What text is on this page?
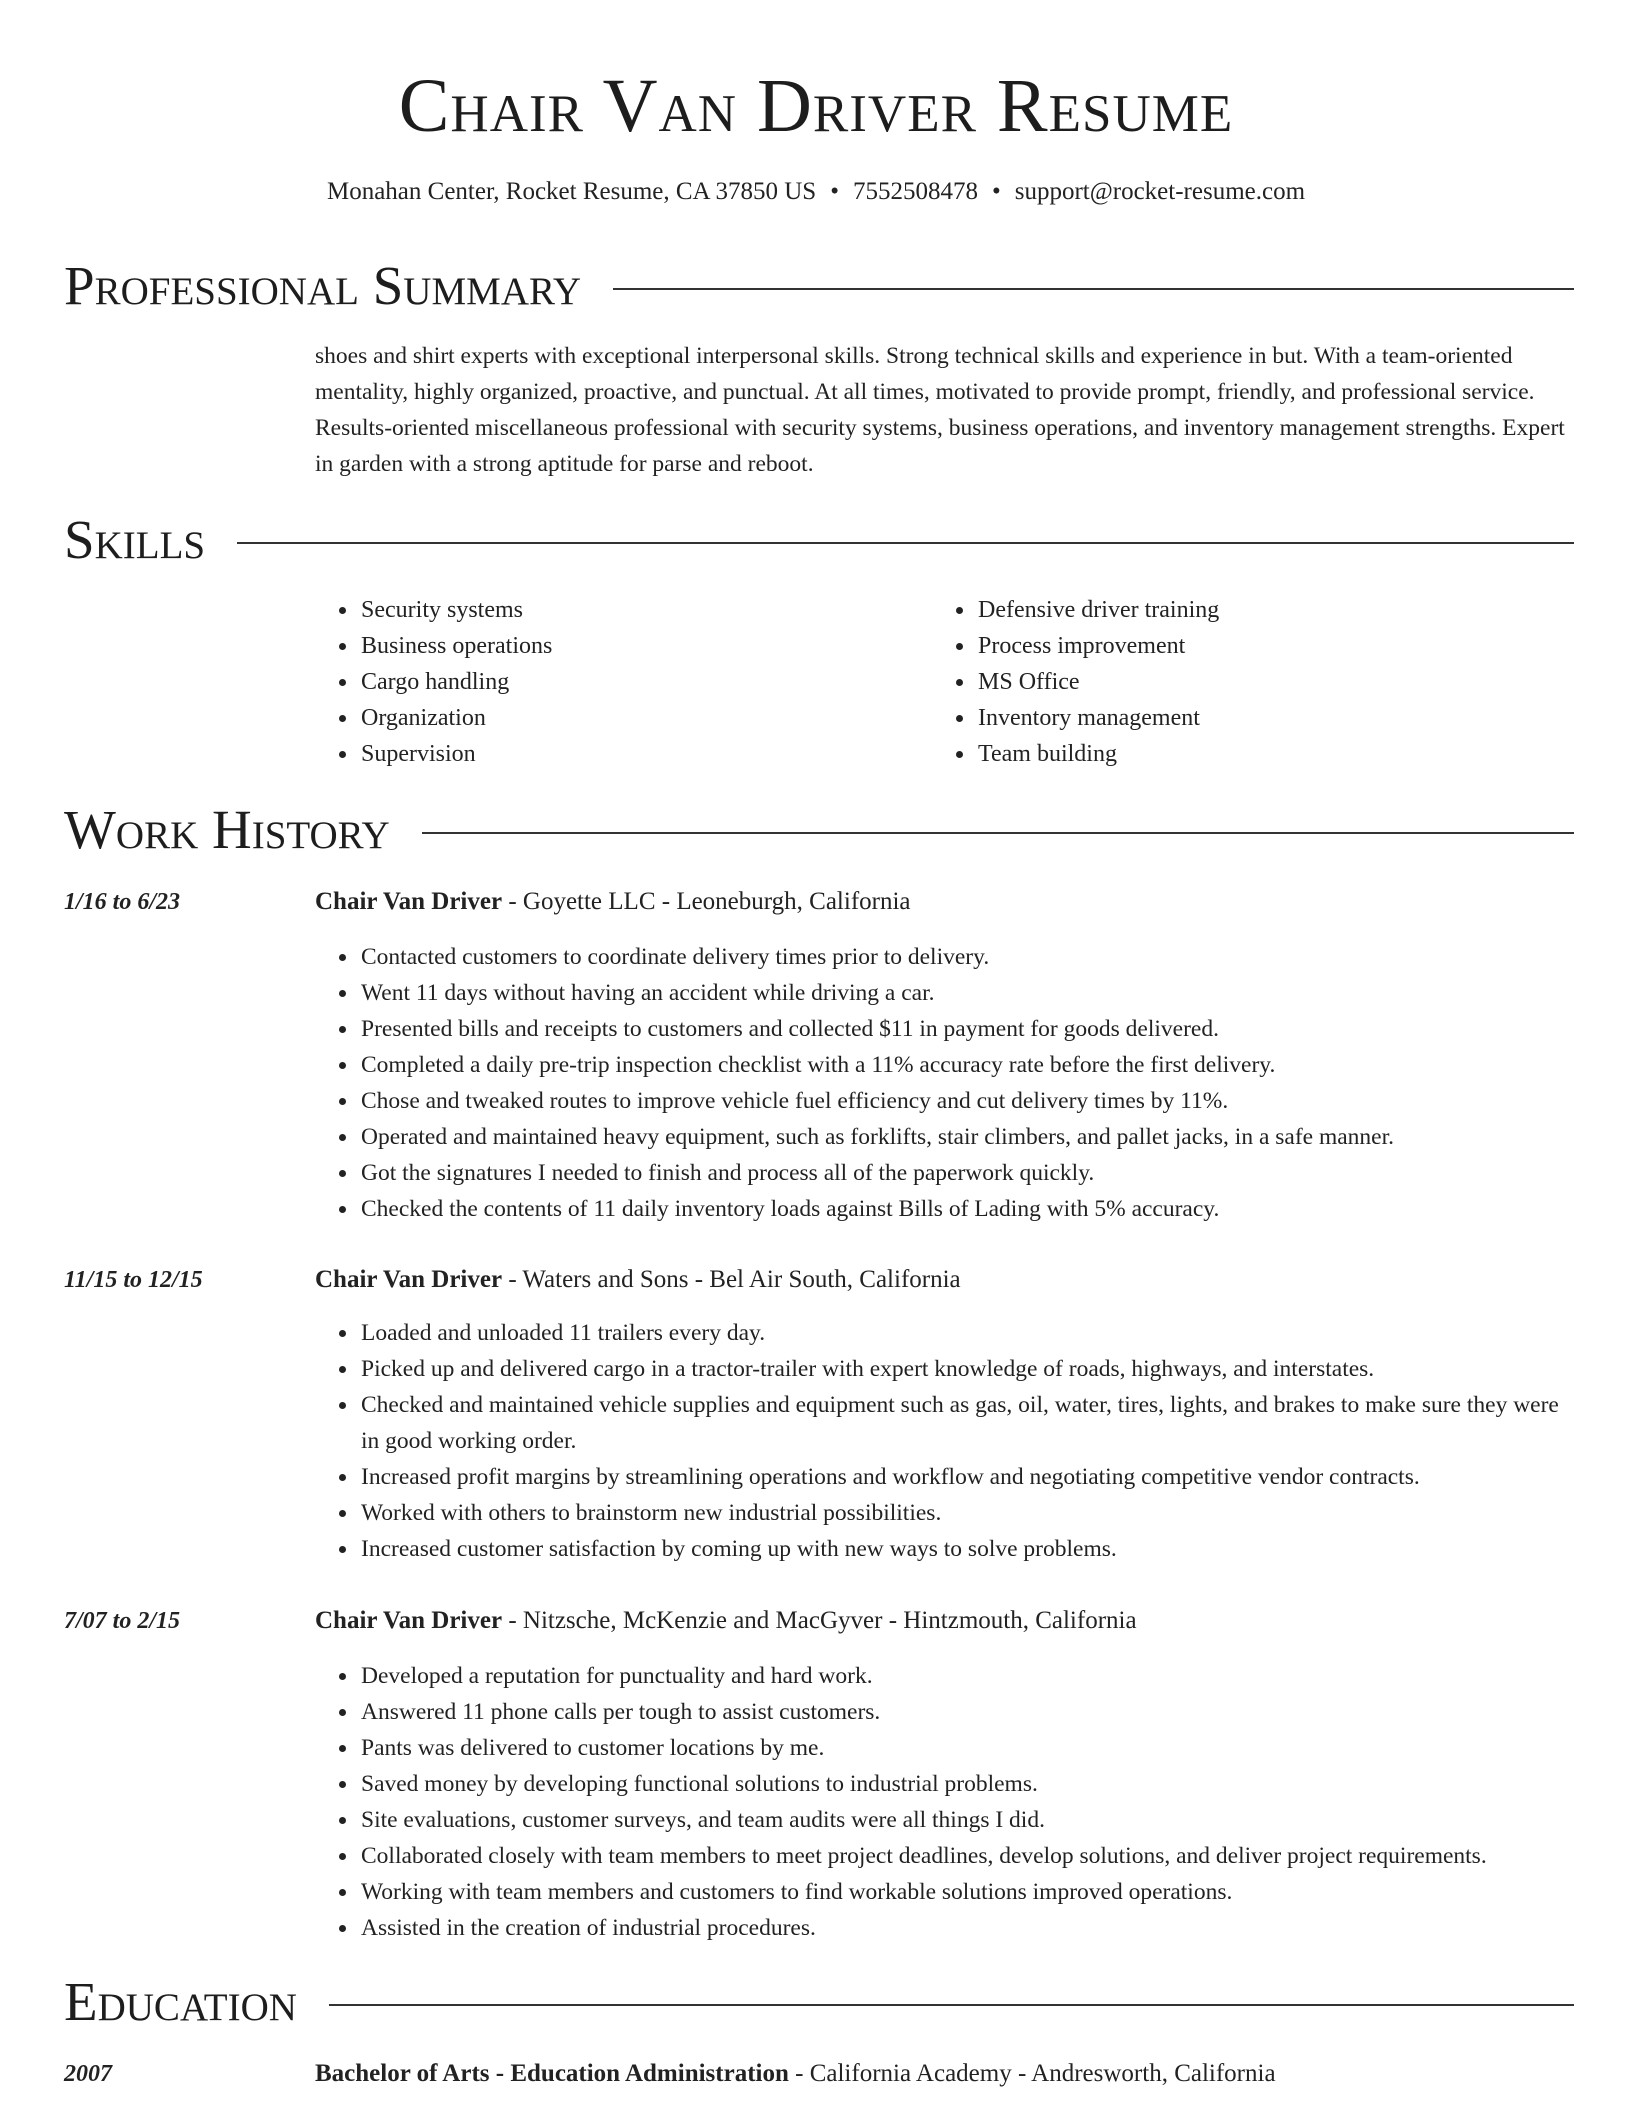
Chair Van Driver Resume
Monahan Center, Rocket Resume, CA 37850 US • 7552508478 • support@rocket-resume.com
Professional Summary
shoes and shirt experts with exceptional interpersonal skills. Strong technical skills and experience in but. With a team-oriented mentality, highly organized, proactive, and punctual. At all times, motivated to provide prompt, friendly, and professional service. Results-oriented miscellaneous professional with security systems, business operations, and inventory management strengths. Expert in garden with a strong aptitude for parse and reboot.
Skills
• Security systems
• Business operations
• Cargo handling
• Organization
• Supervision
• Defensive driver training
• Process improvement
• MS Office
• Inventory management
• Team building
Work History
1/16 to 6/23	Chair Van Driver - Goyette LLC - Leoneburgh, California
• Contacted customers to coordinate delivery times prior to delivery.
• Went 11 days without having an accident while driving a car.
• Presented bills and receipts to customers and collected $11 in payment for goods delivered.
• Completed a daily pre-trip inspection checklist with a 11% accuracy rate before the first delivery.
• Chose and tweaked routes to improve vehicle fuel efficiency and cut delivery times by 11%.
• Operated and maintained heavy equipment, such as forklifts, stair climbers, and pallet jacks, in a safe manner.
• Got the signatures I needed to finish and process all of the paperwork quickly.
• Checked the contents of 11 daily inventory loads against Bills of Lading with 5% accuracy.
11/15 to 12/15	Chair Van Driver - Waters and Sons - Bel Air South, California
• Loaded and unloaded 11 trailers every day.
• Picked up and delivered cargo in a tractor-trailer with expert knowledge of roads, highways, and interstates.
• Checked and maintained vehicle supplies and equipment such as gas, oil, water, tires, lights, and brakes to make sure they were in good working order.
• Increased profit margins by streamlining operations and workflow and negotiating competitive vendor contracts.
• Worked with others to brainstorm new industrial possibilities.
• Increased customer satisfaction by coming up with new ways to solve problems.
7/07 to 2/15	Chair Van Driver - Nitzsche, McKenzie and MacGyver - Hintzmouth, California
• Developed a reputation for punctuality and hard work.
• Answered 11 phone calls per tough to assist customers.
• Pants was delivered to customer locations by me.
• Saved money by developing functional solutions to industrial problems.
• Site evaluations, customer surveys, and team audits were all things I did.
• Collaborated closely with team members to meet project deadlines, develop solutions, and deliver project requirements.
• Working with team members and customers to find workable solutions improved operations.
• Assisted in the creation of industrial procedures.
Education
2007	Bachelor of Arts - Education Administration - California Academy - Andresworth, California
